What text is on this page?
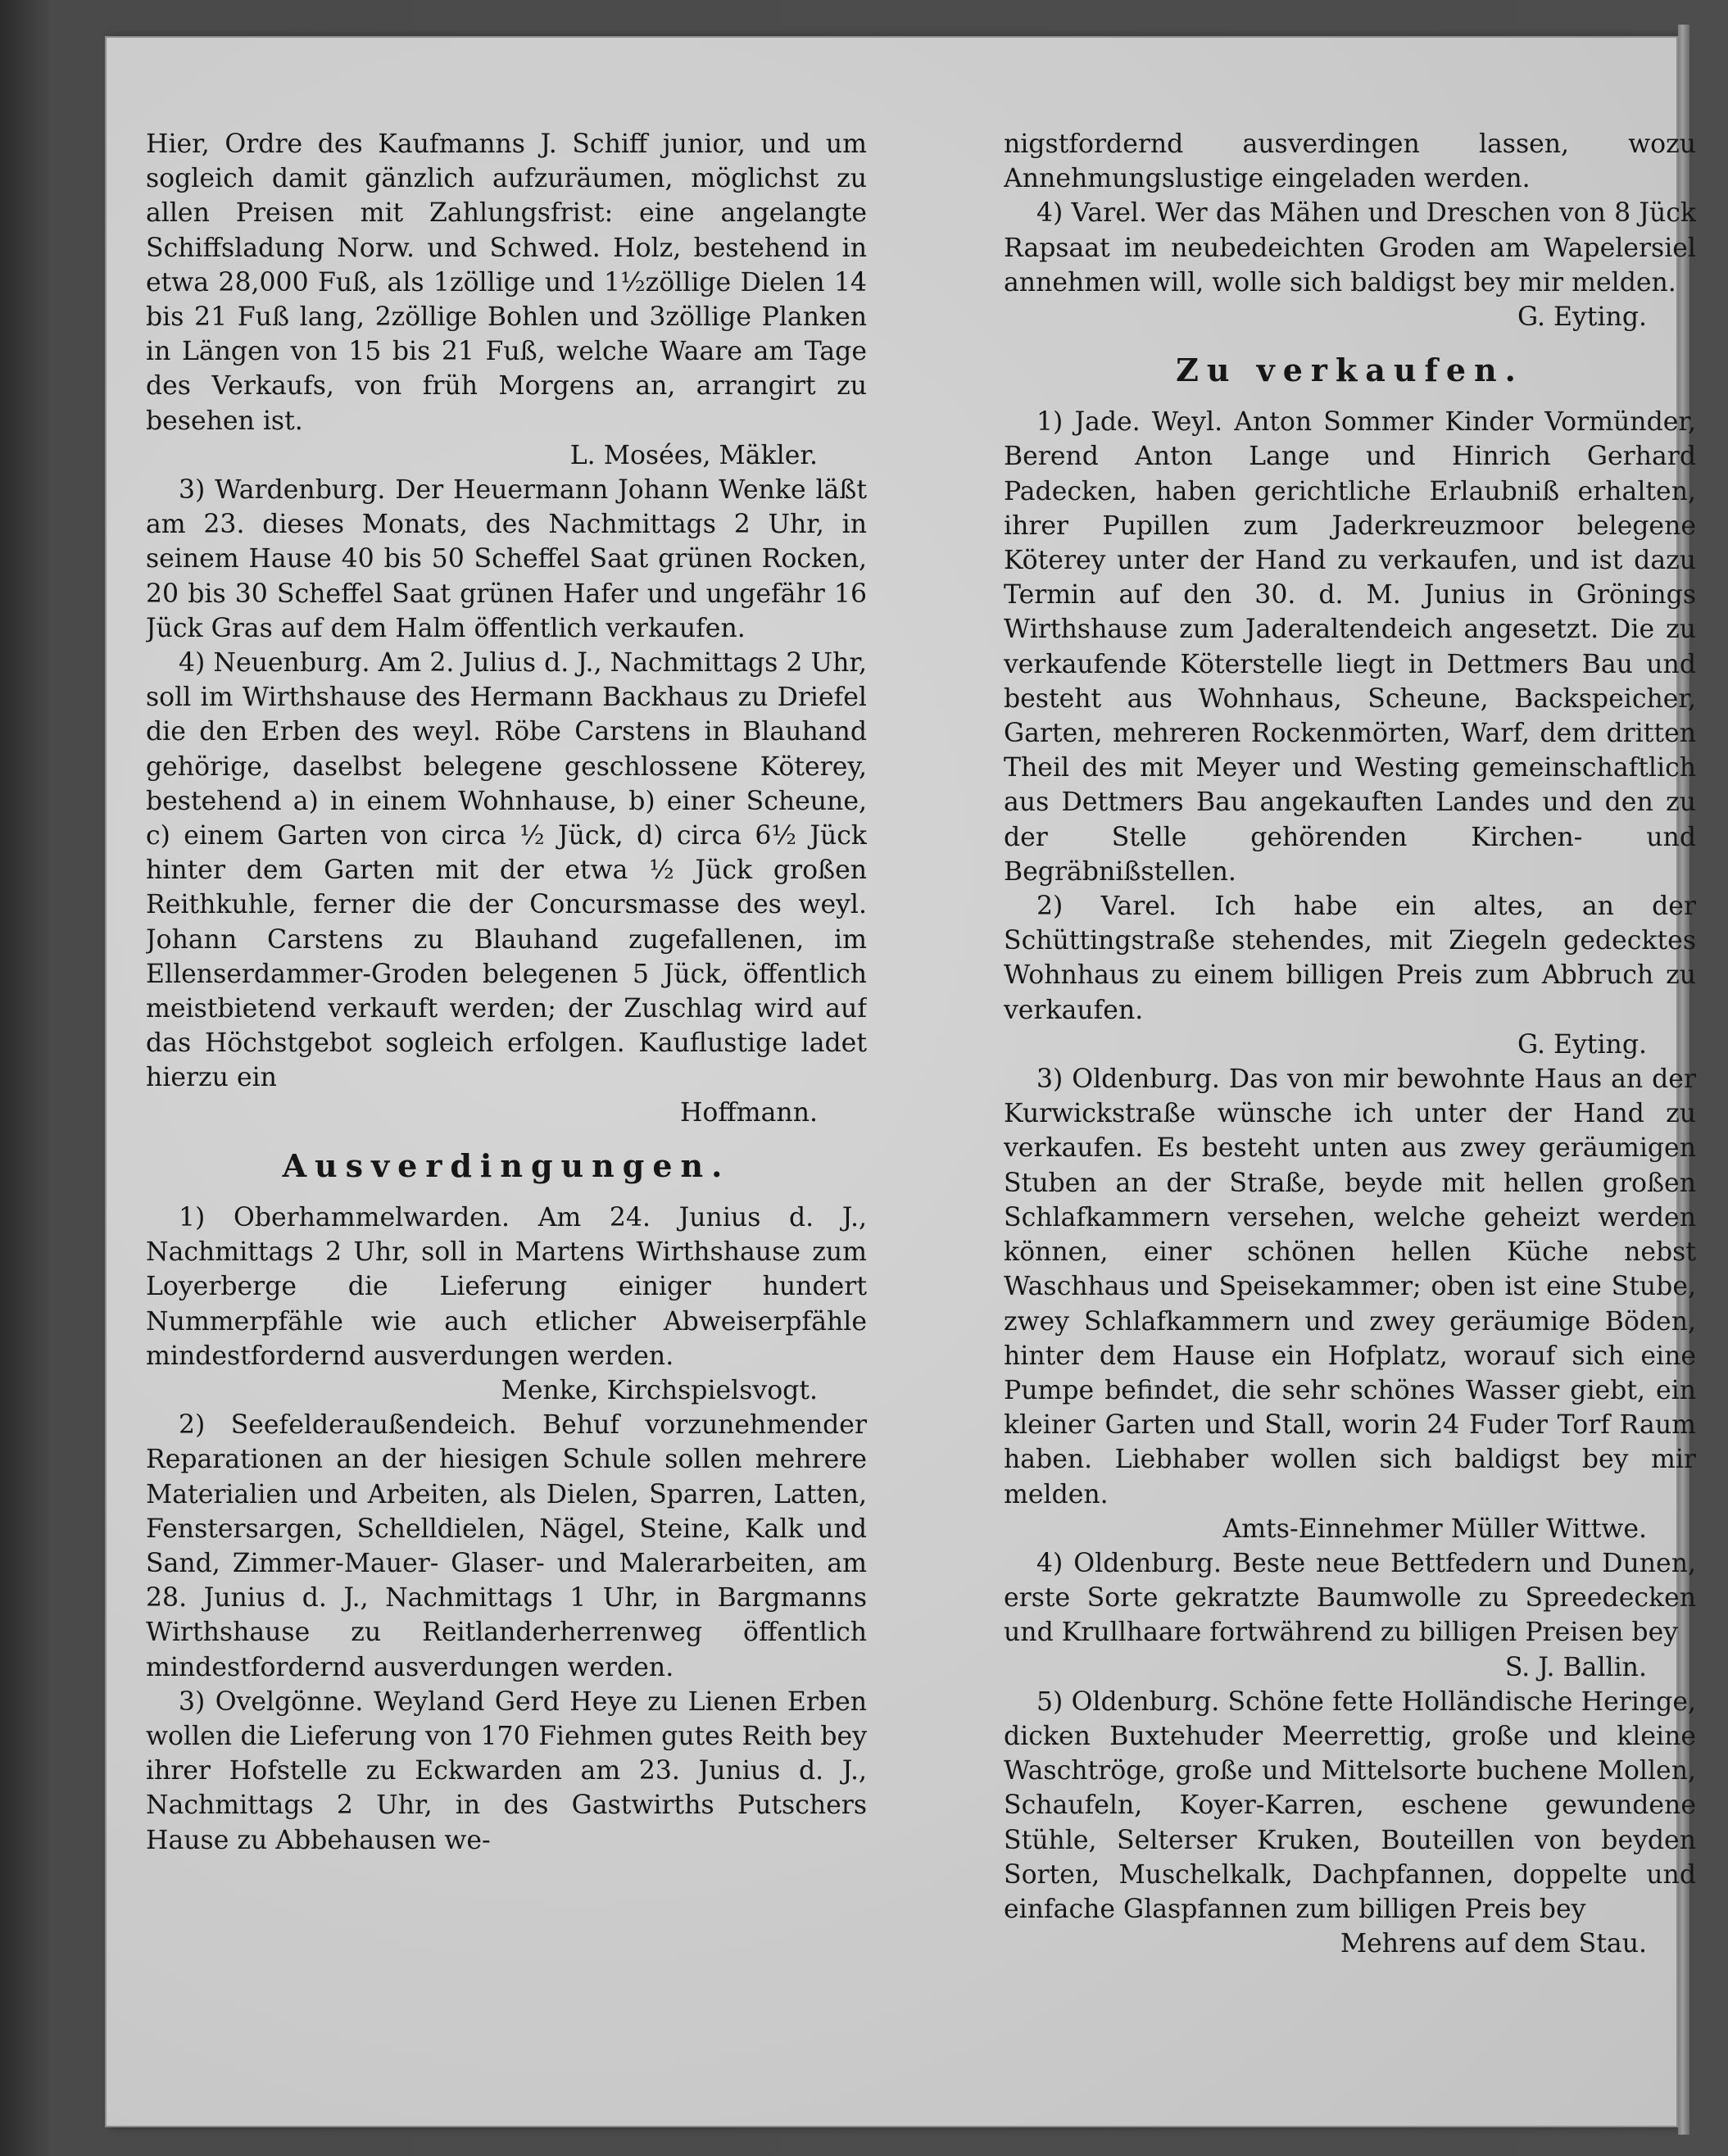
Hier, Ordre des Kaufmanns J. Schiff junior, und um sogleich damit gänzlich aufzuräumen, möglichst zu allen Preisen mit Zahlungsfrist: eine angelangte Schiffsladung Norw. und Schwed. Holz, bestehend in etwa 28,000 Fuß, als 1zöllige und 1½zöllige Dielen 14 bis 21 Fuß lang, 2zöllige Bohlen und 3zöllige Planken in Längen von 15 bis 21 Fuß, welche Waare am Tage des Verkaufs, von früh Morgens an, arrangirt zu besehen ist.

L. Mosées, Mäkler.

3) Wardenburg. Der Heuermann Johann Wenke läßt am 23. dieses Monats, des Nachmittags 2 Uhr, in seinem Hause 40 bis 50 Scheffel Saat grünen Rocken, 20 bis 30 Scheffel Saat grünen Hafer und ungefähr 16 Jück Gras auf dem Halm öffentlich verkaufen.

4) Neuenburg. Am 2. Julius d. J., Nachmittags 2 Uhr, soll im Wirthshause des Hermann Backhaus zu Driefel die den Erben des weyl. Röbe Carstens in Blauhand gehörige, daselbst belegene geschlossene Köterey, bestehend a) in einem Wohnhause, b) einer Scheune, c) einem Garten von circa ½ Jück, d) circa 6½ Jück hinter dem Garten mit der etwa ½ Jück großen Reithkuhle, ferner die der Concursmasse des weyl. Johann Carstens zu Blauhand zugefallenen, im Ellenserdammer-Groden belegenen 5 Jück, öffentlich meistbietend verkauft werden; der Zuschlag wird auf das Höchstgebot sogleich erfolgen. Kauflustige ladet hierzu ein

Hoffmann.
Ausverdingungen.

1) Oberhammelwarden. Am 24. Junius d. J., Nachmittags 2 Uhr, soll in Martens Wirthshause zum Loyerberge die Lieferung einiger hundert Nummerpfähle wie auch etlicher Abweiserpfähle mindestfordernd ausverdungen werden.

Menke, Kirchspielsvogt.

2) Seefelderaußendeich. Behuf vorzunehmender Reparationen an der hiesigen Schule sollen mehrere Materialien und Arbeiten, als Dielen, Sparren, Latten, Fenstersargen, Schelldielen, Nägel, Steine, Kalk und Sand, Zimmer-Mauer- Glaser- und Malerarbeiten, am 28. Junius d. J., Nachmittags 1 Uhr, in Bargmanns Wirthshause zu Reitlanderherrenweg öffentlich mindestfordernd ausverdungen werden.

3) Ovelgönne. Weyland Gerd Heye zu Lienen Erben wollen die Lieferung von 170 Fiehmen gutes Reith bey ihrer Hofstelle zu Eckwarden am 23. Junius d. J., Nachmittags 2 Uhr, in des Gastwirths Putschers Hause zu Abbehausen we-

nigstfordernd ausverdingen lassen, wozu Annehmungslustige eingeladen werden.

4) Varel. Wer das Mähen und Dreschen von 8 Jück Rapsaat im neubedeichten Groden am Wapelersiel annehmen will, wolle sich baldigst bey mir melden.

G. Eyting.
Zu verkaufen.

1) Jade. Weyl. Anton Sommer Kinder Vormünder, Berend Anton Lange und Hinrich Gerhard Padecken, haben gerichtliche Erlaubniß erhalten, ihrer Pupillen zum Jaderkreuzmoor belegene Köterey unter der Hand zu verkaufen, und ist dazu Termin auf den 30. d. M. Junius in Grönings Wirthshause zum Jaderaltendeich angesetzt. Die zu verkaufende Köterstelle liegt in Dettmers Bau und besteht aus Wohnhaus, Scheune, Backspeicher, Garten, mehreren Rockenmörten, Warf, dem dritten Theil des mit Meyer und Westing gemeinschaftlich aus Dettmers Bau angekauften Landes und den zu der Stelle gehörenden Kirchen- und Begräbnißstellen.

2) Varel. Ich habe ein altes, an der Schüttingstraße stehendes, mit Ziegeln gedecktes Wohnhaus zu einem billigen Preis zum Abbruch zu verkaufen.

G. Eyting.

3) Oldenburg. Das von mir bewohnte Haus an der Kurwickstraße wünsche ich unter der Hand zu verkaufen. Es besteht unten aus zwey geräumigen Stuben an der Straße, beyde mit hellen großen Schlafkammern versehen, welche geheizt werden können, einer schönen hellen Küche nebst Waschhaus und Speisekammer; oben ist eine Stube, zwey Schlafkammern und zwey geräumige Böden, hinter dem Hause ein Hofplatz, worauf sich eine Pumpe befindet, die sehr schönes Wasser giebt, ein kleiner Garten und Stall, worin 24 Fuder Torf Raum haben. Liebhaber wollen sich baldigst bey mir melden.

Amts-Einnehmer Müller Wittwe.

4) Oldenburg. Beste neue Bettfedern und Dunen, erste Sorte gekratzte Baumwolle zu Spreedecken und Krullhaare fortwährend zu billigen Preisen bey

S. J. Ballin.

5) Oldenburg. Schöne fette Holländische Heringe, dicken Buxtehuder Meerrettig, große und kleine Waschtröge, große und Mittelsorte buchene Mollen, Schaufeln, Koyer-Karren, eschene gewundene Stühle, Selterser Kruken, Bouteillen von beyden Sorten, Muschelkalk, Dachpfannen, doppelte und einfache Glaspfannen zum billigen Preis bey

Mehrens auf dem Stau.
